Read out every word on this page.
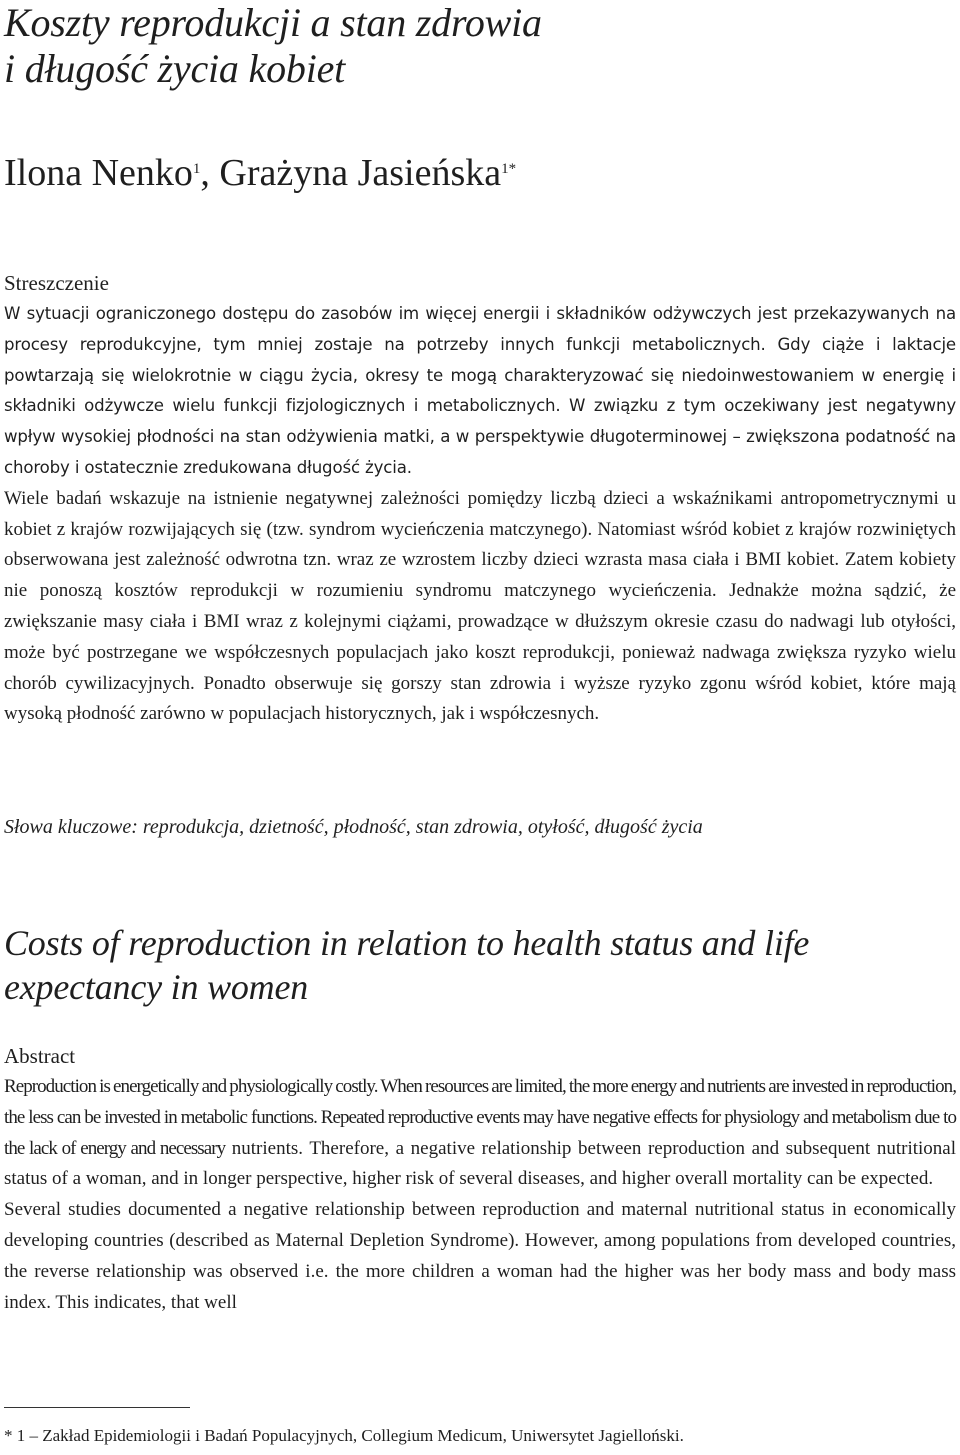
Koszty reprodukcji a stan zdrowia
i długość życia kobiet
Ilona Nenko$^1$, Grażyna Jasieńska$^{1*}$
Streszczenie

W sytuacji ograniczonego dostępu do zasobów im więcej energii i składników odżywczych jest przekazywanych na procesy reprodukcyjne, tym mniej zostaje na potrzeby innych funkcji metabolicznych. Gdy ciąże i laktacje powtarzają się wielokrotnie w ciągu życia, okresy te mogą charakteryzować się niedoinwestowaniem w energię i składniki odżywcze wielu funkcji fizjologicznych i metabolicznych. W związku z tym oczekiwany jest negatywny wpływ wysokiej płodności na stan odżywienia matki, a w perspektywie długoterminowej – zwiększona podatność na choroby i ostatecznie zredukowana długość życia.

Wiele badań wskazuje na istnienie negatywnej zależności pomiędzy liczbą dzieci a wskaźnikami antropometrycznymi u kobiet z krajów rozwijających się (tzw. syndrom wycieńczenia matczynego). Natomiast wśród kobiet z krajów rozwiniętych obserwowana jest zależność odwrotna tzn. wraz ze wzrostem liczby dzieci wzrasta masa ciała i BMI kobiet. Zatem kobiety nie ponoszą kosztów reprodukcji w rozumieniu syndromu matczynego wycieńczenia. Jednakże można sądzić, że zwiększanie masy ciała i BMI wraz z kolejnymi ciążami, prowadzące w dłuższym okresie czasu do nadwagi lub otyłości, może być postrzegane we współczesnych populacjach jako koszt reprodukcji, ponieważ nadwaga zwiększa ryzyko wielu chorób cywilizacyjnych. Ponadto obserwuje się gorszy stan zdrowia i wyższe ryzyko zgonu wśród kobiet, które mają wysoką płodność zarówno w populacjach historycznych, jak i współczesnych.

Słowa kluczowe: reprodukcja, dzietność, płodność, stan zdrowia, otyłość, długość życia

Costs of reproduction in relation to health status and life
expectancy in women
Abstract

Reproduction is energetically and physiologically costly. When resources are limited, the more energy and nutrients are invested in reproduction, the less can be invested in metabolic functions. Repeated reproductive events may have negative effects for physiology and metabolism due to the lack of energy and necessary nutrients. Therefore, a negative relationship between reproduction and subsequent nutritional status of a woman, and in longer perspective, higher risk of several diseases, and higher overall mortality can be expected.

Several studies documented a negative relationship between reproduction and maternal nutritional status in economically developing countries (described as Maternal Depletion Syndrome). However, among populations from developed countries, the reverse relationship was observed i.e. the more children a woman had the higher was her body mass and body mass index. This indicates, that well

* 1 – Zakład Epidemiologii i Badań Populacyjnych, Collegium Medicum, Uniwersytet Jagielloński.
